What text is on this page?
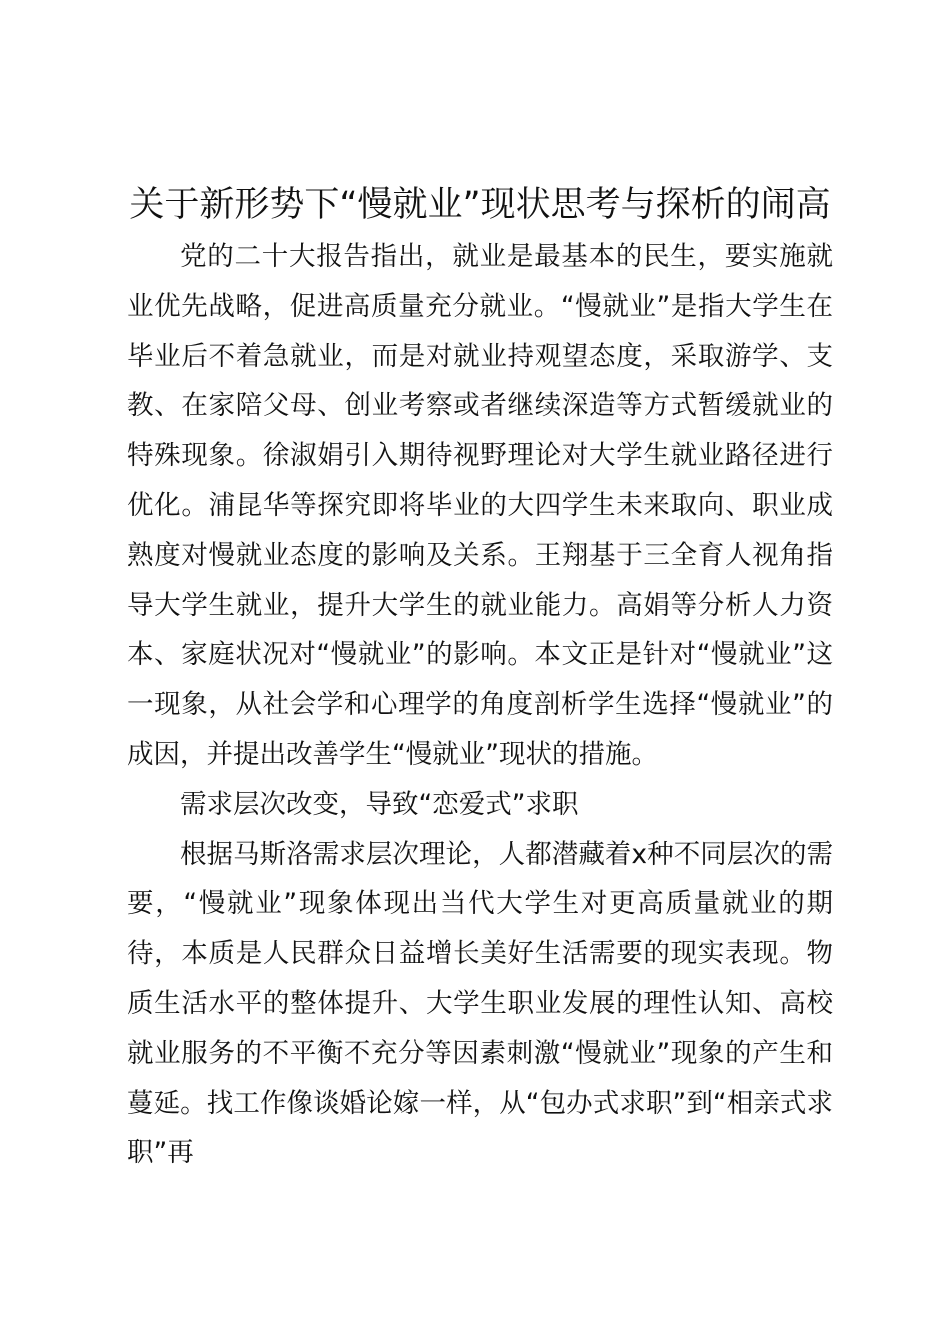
关于新形势下“慢就业”现状思考与探析的闹高

党的二十大报告指出，就业是最基本的民生，要实施就业优先战略，促进高质量充分就业。“慢就业”是指大学生在毕业后不着急就业，而是对就业持观望态度，采取游学、支教、在家陪父母、创业考察或者继续深造等方式暂缓就业的特殊现象。徐淑娟引入期待视野理论对大学生就业路径进行优化。浦昆华等探究即将毕业的大四学生未来取向、职业成熟度对慢就业态度的影响及关系。王翔基于三全育人视角指导大学生就业，提升大学生的就业能力。高娟等分析人力资本、家庭状况对“慢就业”的影响。本文正是针对“慢就业”这一现象，从社会学和心理学的角度剖析学生选择“慢就业”的成因，并提出改善学生“慢就业”现状的措施。

需求层次改变，导致“恋爱式”求职

根据马斯洛需求层次理论，人都潜藏着x种不同层次的需要，“慢就业”现象体现出当代大学生对更高质量就业的期待，本质是人民群众日益增长美好生活需要的现实表现。物质生活水平的整体提升、大学生职业发展的理性认知、高校就业服务的不平衡不充分等因素刺激“慢就业”现象的产生和蔓延。找工作像谈婚论嫁一样，从“包办式求职”到“相亲式求职”再
